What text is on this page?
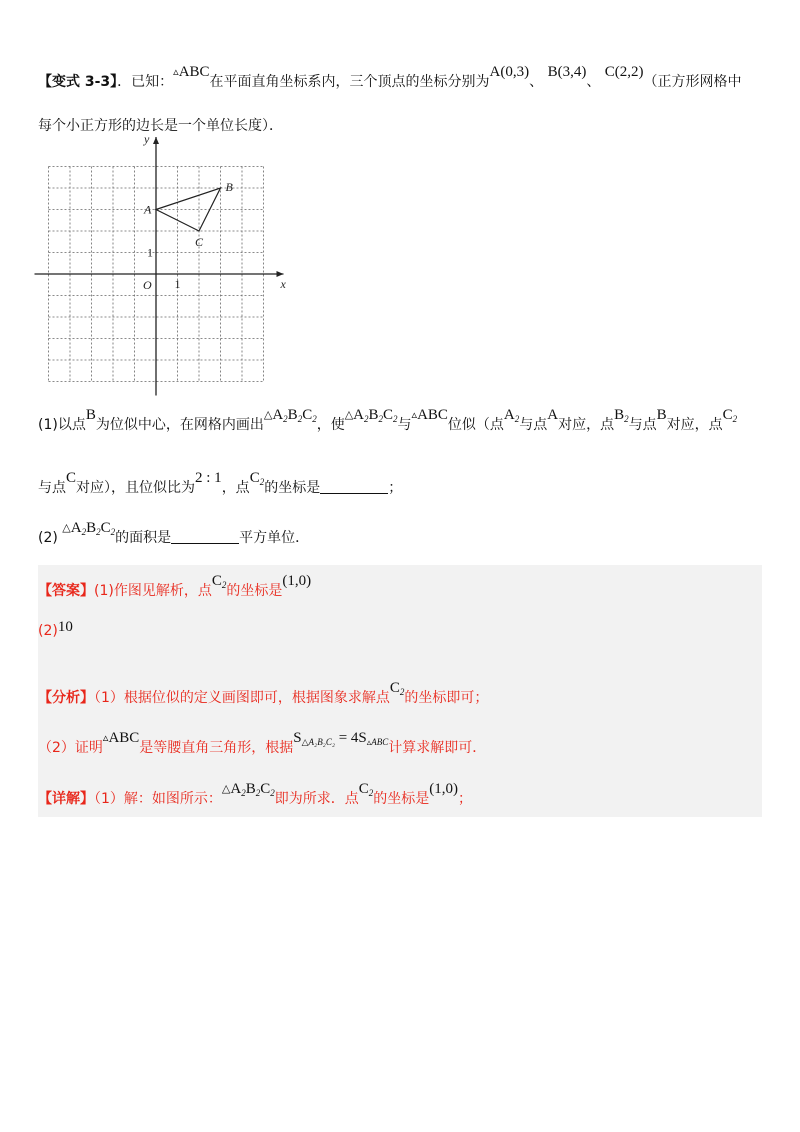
【变式 3-3】．已知：▵ABC在平面直角坐标系内，三个顶点的坐标分别为A(0,3)、 B(3,4)、 C(2,2)（正方形网格中
每个小正方形的边长是一个单位长度）．
x
y
O 1
1
A
B
C
(1)以点B为位似中心，在网格内画出$\triangle A_2B_2C_2$，使$\triangle A_2B_2C_2$与▵ABC位似（点$A_2$与点A对应，点$B_2$与点B对应，点$C_2$
与点C对应），且位似比为2 : 1，点$C_2$的坐标是	；
(2) $\triangle A_2B_2C_2$的面积是	平方单位．
【答案】(1)作图见解析，点$C_2$的坐标是(1,0)
(2)10
【分析】（1）根据位似的定义画图即可，根据图象求解点$C_2$的坐标即可；
（2）证明▵ABC是等腰直角三角形，根据$S_{\triangle A_2B_2C_2} = 4S_{▵ABC}$计算求解即可．
【详解】（1）解：如图所示：$\triangle A_2B_2C_2$即为所求．点$C_2$的坐标是(1,0)；
